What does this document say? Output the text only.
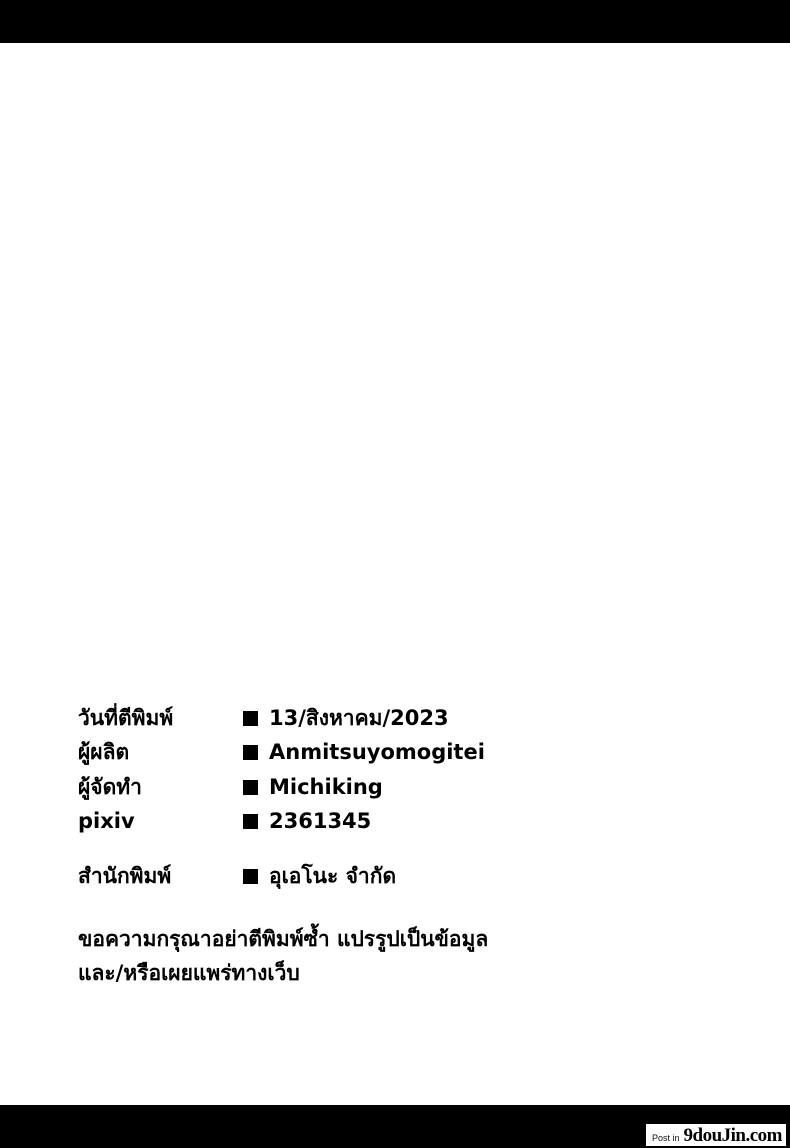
วันที่ตีพิมพ์	13/สิงหาคม/2023
ผู้ผลิต	Anmitsuyomogitei
ผู้จัดทำ	Michiking
pixiv	2361345
สำนักพิมพ์	อุเอโนะ จำกัด
ขอความกรุณาอย่าตีพิมพ์ซ้ำ แปรรูปเป็นข้อมูล
และ/หรือเผยแพร่ทางเว็บ
Post in 9douJin.com
